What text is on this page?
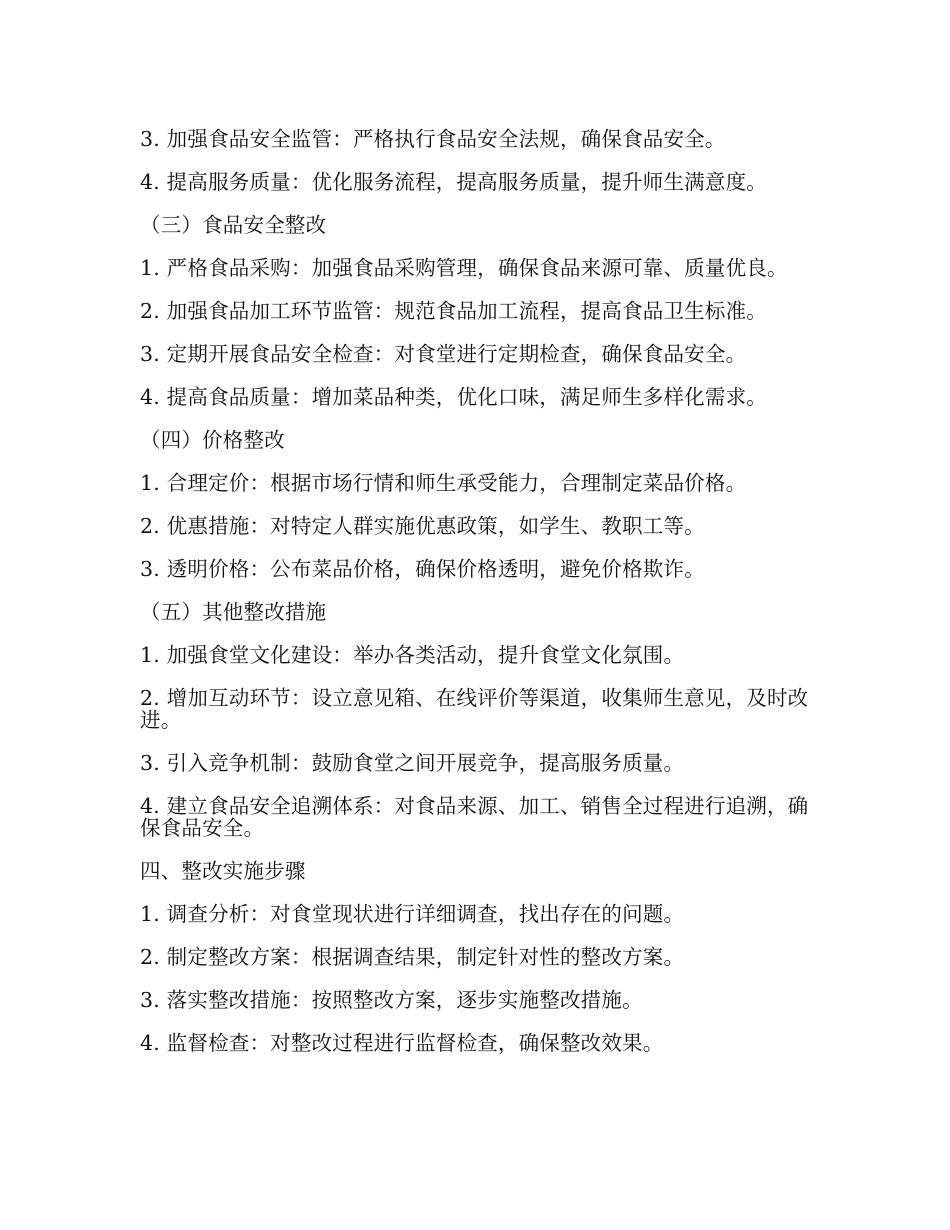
3. 加强食品安全监管：严格执行食品安全法规，确保食品安全。

4. 提高服务质量：优化服务流程，提高服务质量，提升师生满意度。

（三）食品安全整改

1. 严格食品采购：加强食品采购管理，确保食品来源可靠、质量优良。

2. 加强食品加工环节监管：规范食品加工流程，提高食品卫生标准。

3. 定期开展食品安全检查：对食堂进行定期检查，确保食品安全。

4. 提高食品质量：增加菜品种类，优化口味，满足师生多样化需求。

（四）价格整改

1. 合理定价：根据市场行情和师生承受能力，合理制定菜品价格。

2. 优惠措施：对特定人群实施优惠政策，如学生、教职工等。

3. 透明价格：公布菜品价格，确保价格透明，避免价格欺诈。

（五）其他整改措施

1. 加强食堂文化建设：举办各类活动，提升食堂文化氛围。

2. 增加互动环节：设立意见箱、在线评价等渠道，收集师生意见，及时改进。

3. 引入竞争机制：鼓励食堂之间开展竞争，提高服务质量。

4. 建立食品安全追溯体系：对食品来源、加工、销售全过程进行追溯，确保食品安全。

四、整改实施步骤

1. 调查分析：对食堂现状进行详细调查，找出存在的问题。

2. 制定整改方案：根据调查结果，制定针对性的整改方案。

3. 落实整改措施：按照整改方案，逐步实施整改措施。

4. 监督检查：对整改过程进行监督检查，确保整改效果。
